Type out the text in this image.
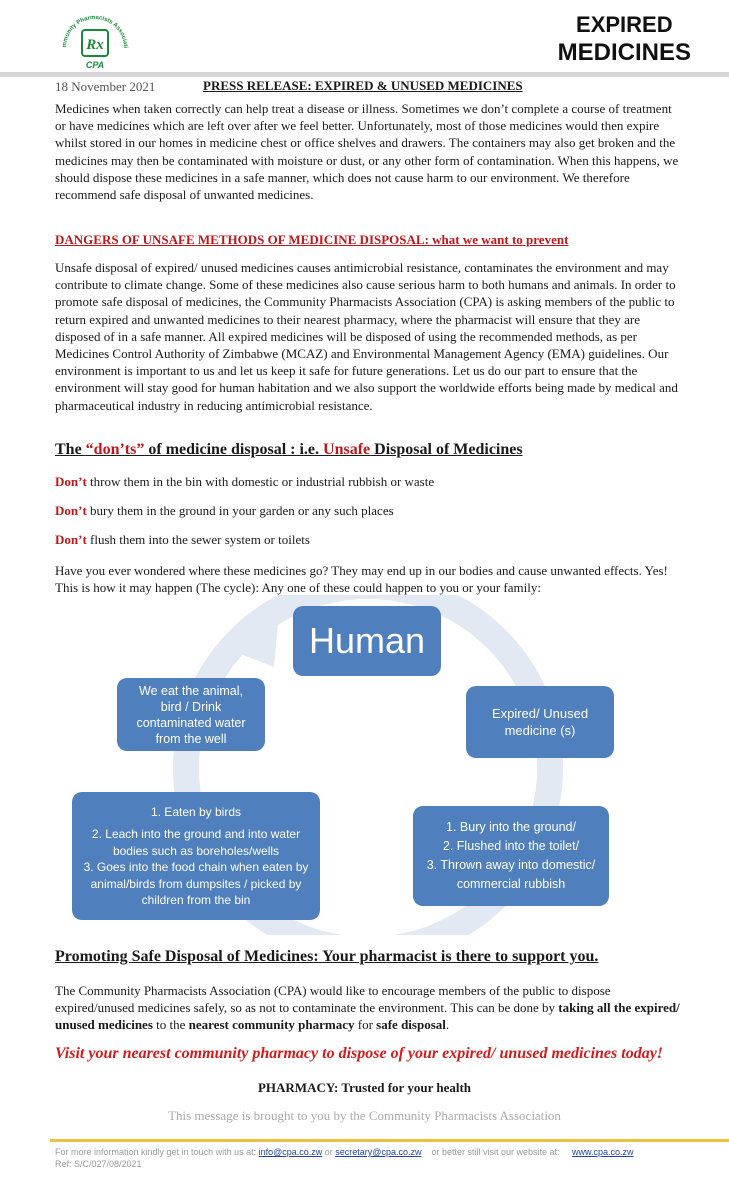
mmunity Pharmacists Associati
Rx
CPA
EXPIRED
MEDICINES
18 November 2021	PRESS RELEASE: EXPIRED & UNUSED MEDICINES
Medicines when taken correctly can help treat a disease or illness. Sometimes we don’t complete a course of treatment or have medicines which are left over after we feel better. Unfortunately, most of those medicines would then expire whilst stored in our homes in medicine chest or office shelves and drawers. The containers may also get broken and the medicines may then be contaminated with moisture or dust, or any other form of contamination. When this happens, we should dispose these medicines in a safe manner, which does not cause harm to our environment. We therefore recommend safe disposal of unwanted medicines.
DANGERS OF UNSAFE METHODS OF MEDICINE DISPOSAL: what we want to prevent
Unsafe disposal of expired/ unused medicines causes antimicrobial resistance, contaminates the environment and may contribute to climate change. Some of these medicines also cause serious harm to both humans and animals. In order to promote safe disposal of medicines, the Community Pharmacists Association (CPA) is asking members of the public to return expired and unwanted medicines to their nearest pharmacy, where the pharmacist will ensure that they are disposed of in a safe manner. All expired medicines will be disposed of using the recommended methods, as per Medicines Control Authority of Zimbabwe (MCAZ) and Environmental Management Agency (EMA) guidelines. Our environment is important to us and let us keep it safe for future generations. Let us do our part to ensure that the environment will stay good for human habitation and we also support the worldwide efforts being made by medical and pharmaceutical industry in reducing antimicrobial resistance.
The “don’ts” of medicine disposal : i.e. Unsafe Disposal of Medicines
Don’t throw them in the bin with domestic or industrial rubbish or waste
Don’t bury them in the ground in your garden or any such places
Don’t flush them into the sewer system or toilets
Have you ever wondered where these medicines go? They may end up in our bodies and cause unwanted effects. Yes! This is how it may happen (The cycle): Any one of these could happen to you or your family:
Human
Expired/ Unused
medicine (s)
1. Bury into the ground/
2. Flushed into the toilet/
3. Thrown away into domestic/
commercial rubbish
1. Eaten by birds
2. Leach into the ground and into water
bodies such as boreholes/wells
3. Goes into the food chain when eaten by
animal/birds from dumpsites / picked by
children from the bin
We eat the animal,
bird / Drink
contaminated water
from the well
Promoting Safe Disposal of Medicines: Your pharmacist is there to support you.
The Community Pharmacists Association (CPA) would like to encourage members of the public to dispose expired/unused medicines safely, so as not to contaminate the environment. This can be done by taking all the expired/ unused medicines to the nearest community pharmacy for safe disposal.
Visit your nearest community pharmacy to dispose of your expired/ unused medicines today!
PHARMACY: Trusted for your health
This message is brought to you by the Community Pharmacists Association
For more information kindly get in touch with us at: info@cpa.co.zw or secretary@cpa.co.zw    or better still visit our website at:     www.cpa.co.zw
Ref: S/C/027/08/2021
